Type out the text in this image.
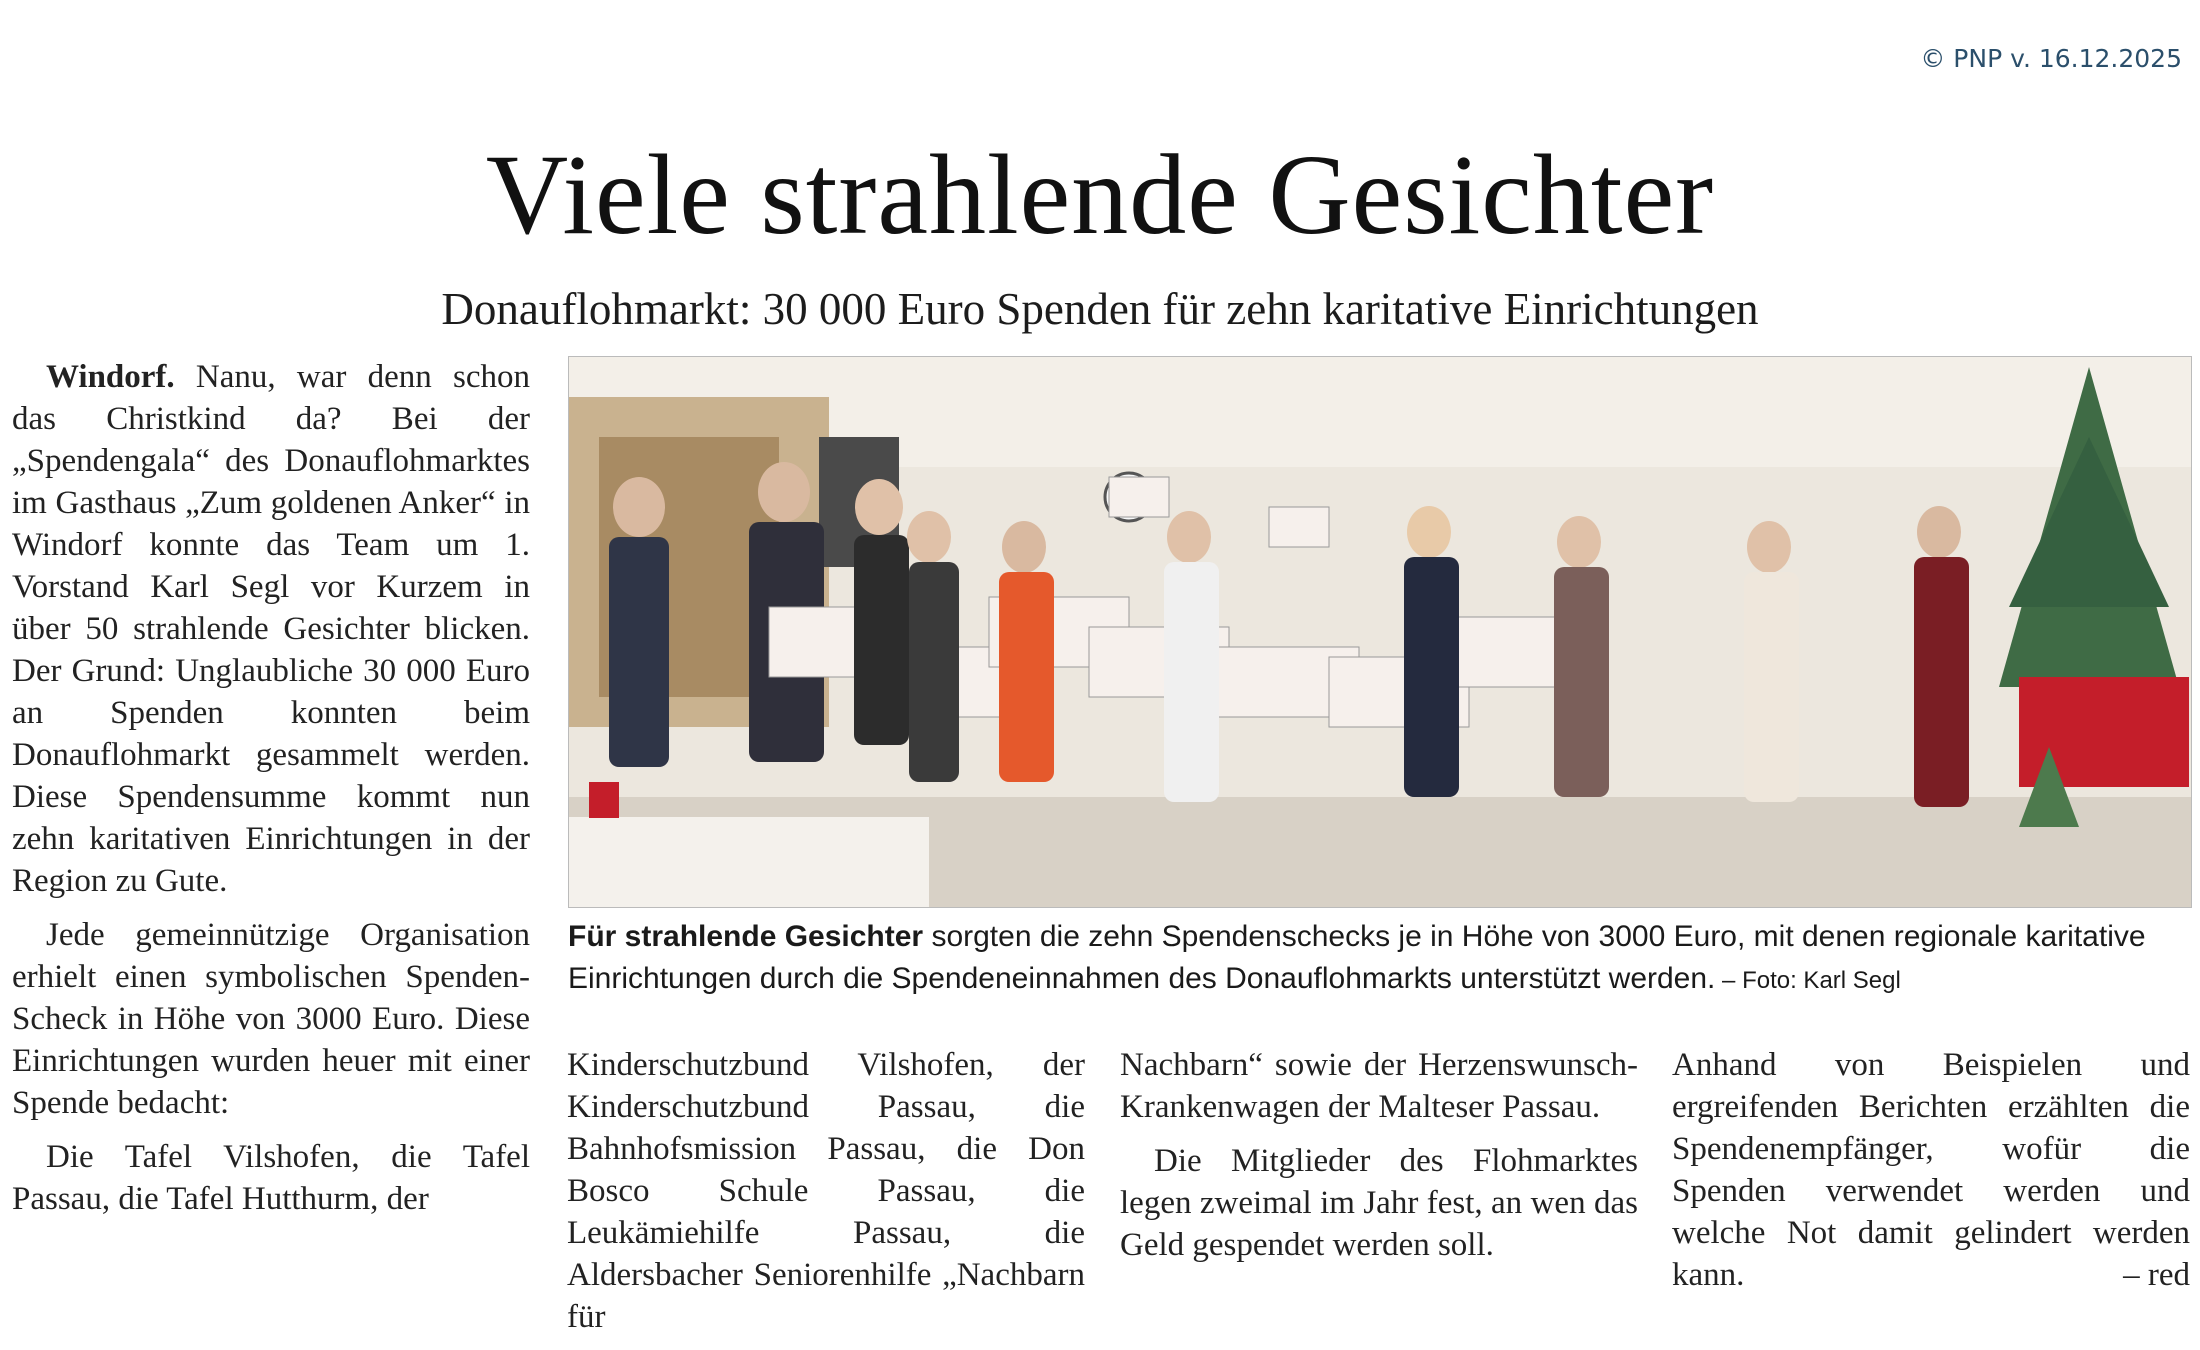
© PNP v. 16.12.2025
Viele strahlende Gesichter
Donauflohmarkt: 30 000 Euro Spenden für zehn karitative Einrichtungen

Windorf. Nanu, war denn schon das Christkind da? Bei der „Spendengala“ des Donauflohmarktes im Gasthaus „Zum goldenen Anker“ in Windorf konnte das Team um 1. Vorstand Karl Segl vor Kurzem in über 50 strahlende Gesichter blicken. Der Grund: Unglaubliche 30 000 Euro an Spenden konnten beim Donauflohmarkt gesammelt werden. Diese Spendensumme kommt nun zehn karitativen Einrichtungen in der Region zu Gute.

Jede gemeinnützige Organisation erhielt einen symbolischen Spenden-Scheck in Höhe von 3000 Euro. Diese Einrichtungen wurden heuer mit einer Spende bedacht:

Die Tafel Vilshofen, die Tafel Passau, die Tafel Hutthurm, der

Für strahlende Gesichter sorgten die zehn Spendenschecks je in Höhe von 3000 Euro, mit denen regionale karitative Einrichtungen durch die Spendeneinnahmen des Donauflohmarkts unterstützt werden. – Foto: Karl Segl

Kinderschutzbund Vilshofen, der Kinderschutzbund Passau, die Bahnhofsmission Passau, die Don Bosco Schule Passau, die Leukämiehilfe Passau, die Aldersbacher Seniorenhilfe „Nachbarn für

Nachbarn“ sowie der Herzenswunsch-Krankenwagen der Malteser Passau.

Die Mitglieder des Flohmarktes legen zweimal im Jahr fest, an wen das Geld gespendet werden soll.

Anhand von Beispielen und ergreifenden Berichten erzählten die Spendenempfänger, wofür die Spenden verwendet werden und welche Not damit gelindert werden kann.	– red
